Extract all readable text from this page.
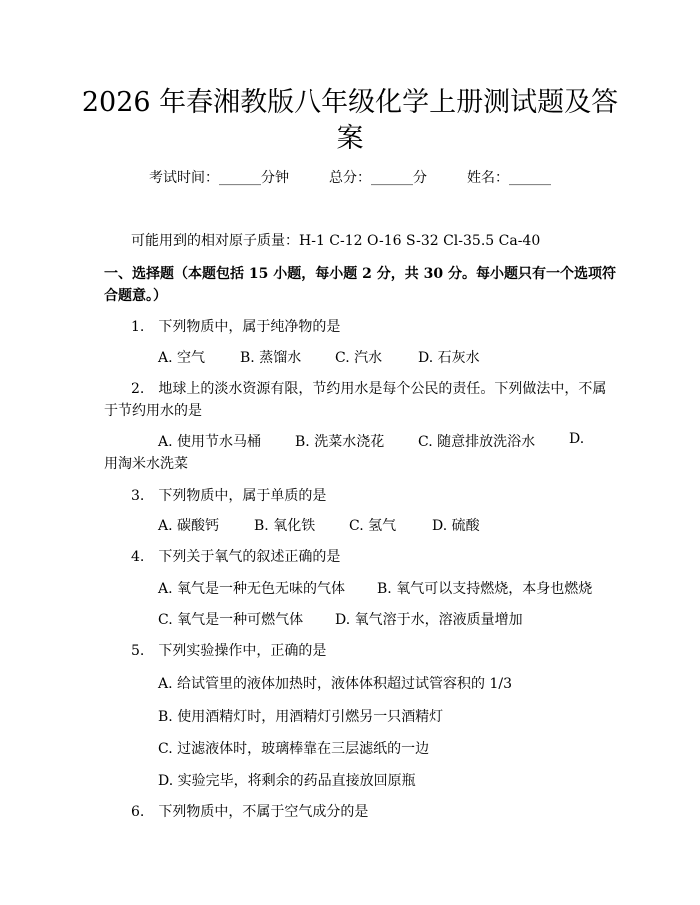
2026 年春湘教版八年级化学上册测试题及答
案
考试时间：______分钟	总分：______分	姓名：______
可能用到的相对原子质量：H-1 C-12 O-16 S-32 Cl-35.5 Ca-40
一、选择题（本题包括 15 小题，每小题 2 分，共 30 分。每小题只有一个选项符
合题意。）
1. 下列物质中，属于纯净物的是
A. 空气 B. 蒸馏水 C. 汽水	D. 石灰水
2. 地球上的淡水资源有限，节约用水是每个公民的责任。下列做法中，不属
于节约用水的是
A. 使用节水马桶 B. 洗菜水浇花 C. 随意排放洗浴水 D.
用淘米水洗菜
3. 下列物质中，属于单质的是
A. 碳酸钙 B. 氧化铁 C. 氢气	D. 硫酸
4. 下列关于氧气的叙述正确的是
A. 氧气是一种无色无味的气体 B. 氧气可以支持燃烧，本身也燃烧
C. 氧气是一种可燃气体 D. 氧气溶于水，溶液质量增加
5. 下列实验操作中，正确的是
A. 给试管里的液体加热时，液体体积超过试管容积的 1/3
B. 使用酒精灯时，用酒精灯引燃另一只酒精灯
C. 过滤液体时，玻璃棒靠在三层滤纸的一边
D. 实验完毕，将剩余的药品直接放回原瓶
6. 下列物质中，不属于空气成分的是
